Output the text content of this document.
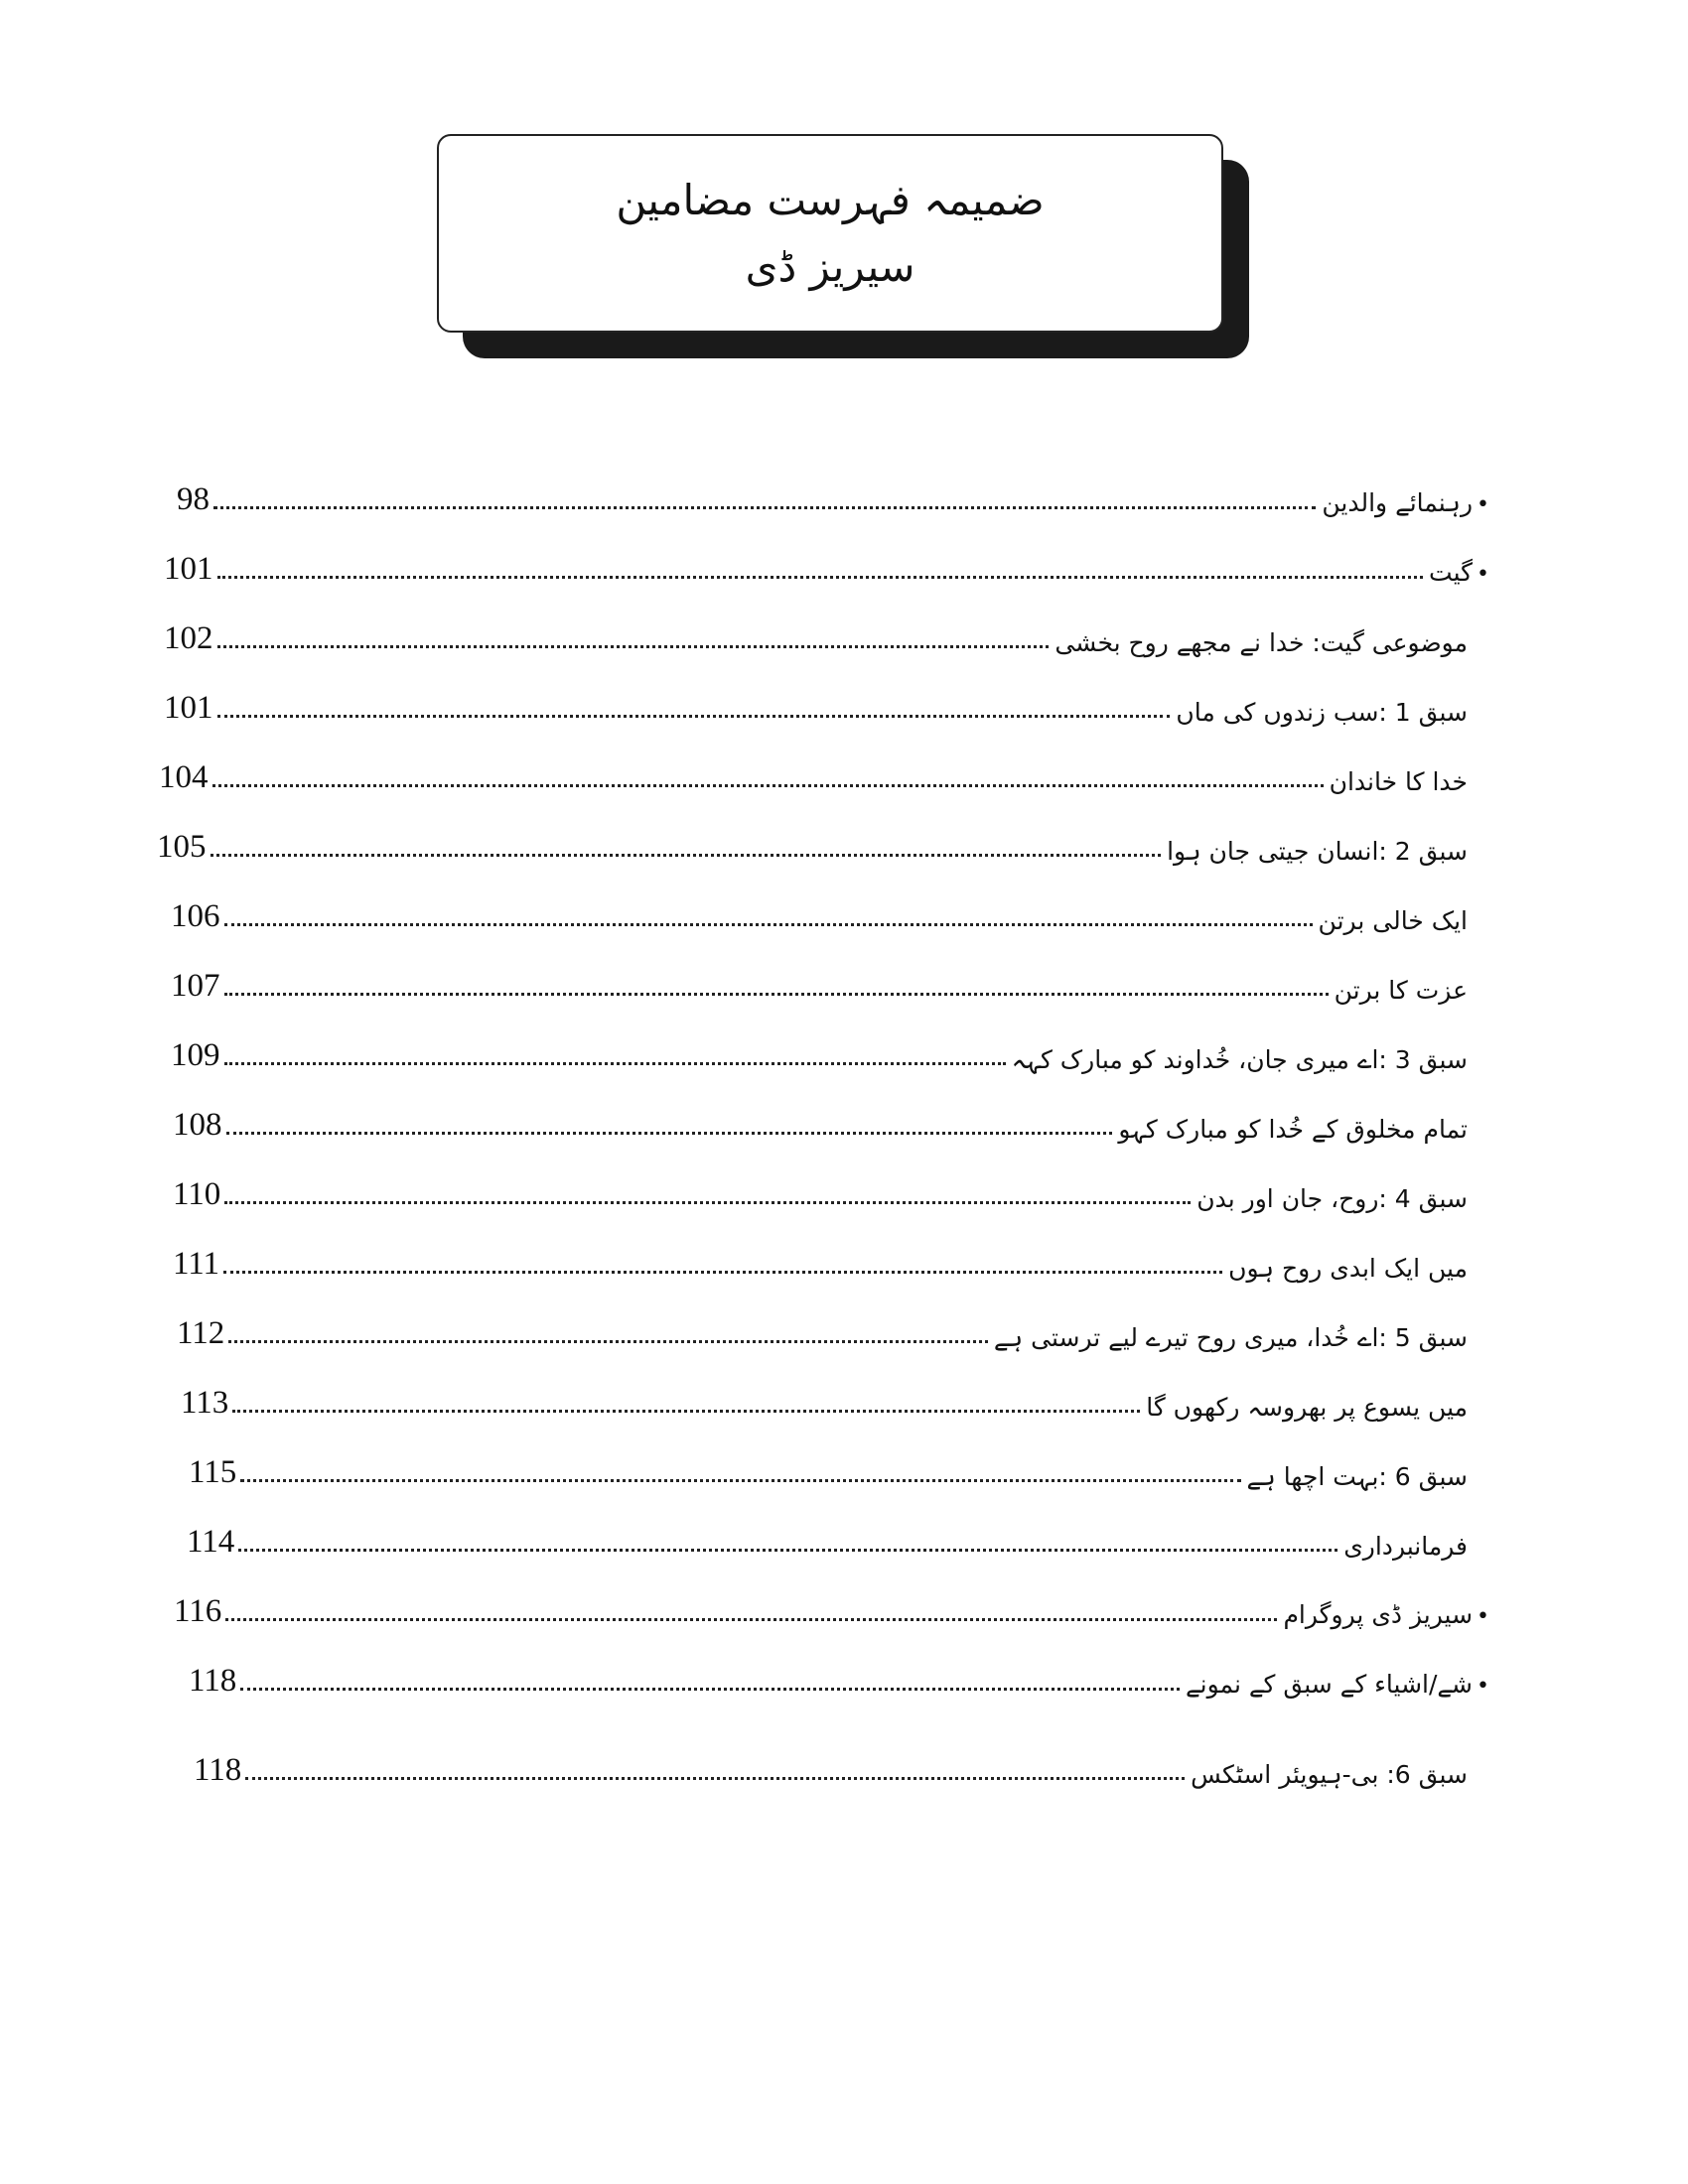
ضمیمہ فہرست مضامین
سیریز ڈی
98	•رہنمائے والدین
101	•گیت
102	موضوعی گیت: خدا نے مجھے روح بخشی
101	سبق 1 :سب زندوں کی ماں
104	خدا کا خاندان
105	سبق 2 :انسان جیتی جان ہوا
106	ایک خالی برتن
107	عزت کا برتن
109	سبق 3 :اے میری جان، خُداوند کو مبارک کہہ
108	تمام مخلوق کے خُدا کو مبارک کہو
110	سبق 4 :روح، جان اور بدن
111	میں ایک ابدی روح ہوں
112	سبق 5 :اے خُدا، میری روح تیرے لیے ترستی ہے
113	میں یسوع پر بھروسہ رکھوں گا
115	سبق 6 :بہت اچھا ہے
114	فرمانبرداری
116	•سیریز ڈی پروگرام
118	•شے/اشیاء کے سبق کے نمونے
118	سبق 6: بی-ہیویئر اسٹکس
